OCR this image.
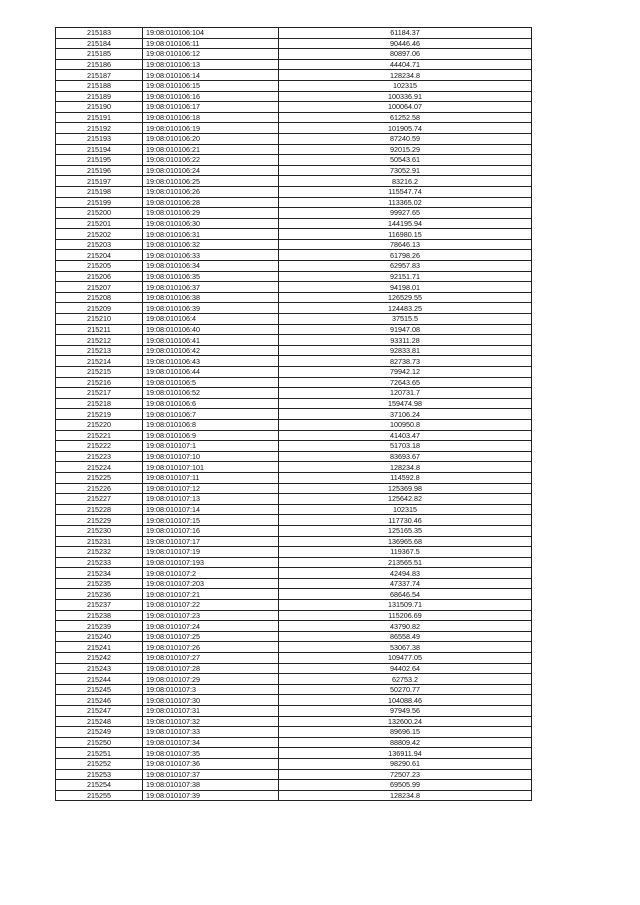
215183	19:08:010106:104	61184.37
215184	19:08:010106:11	90446.46
215185	19:08:010106:12	80897.06
215186	19:08:010106:13	44404.71
215187	19:08:010106:14	128234.8
215188	19:08:010106:15	102315
215189	19:08:010106:16	100336.91
215190	19:08:010106:17	100064.07
215191	19:08:010106:18	61252.58
215192	19:08:010106:19	101905.74
215193	19:08:010106:20	87240.59
215194	19:08:010106:21	92015.29
215195	19:08:010106:22	50543.61
215196	19:08:010106:24	73052.91
215197	19:08:010106:25	83216.2
215198	19:08:010106:26	115547.74
215199	19:08:010106:28	113365.02
215200	19:08:010106:29	99927.65
215201	19:08:010106:30	144195.94
215202	19:08:010106:31	116980.15
215203	19:08:010106:32	78646.13
215204	19:08:010106:33	61798.26
215205	19:08:010106:34	62957.83
215206	19:08:010106:35	92151.71
215207	19:08:010106:37	94198.01
215208	19:08:010106:38	126529.55
215209	19:08:010106:39	124483.25
215210	19:08:010106:4	37515.5
215211	19:08:010106:40	91947.08
215212	19:08:010106:41	93311.28
215213	19:08:010106:42	92833.81
215214	19:08:010106:43	82738.73
215215	19:08:010106:44	79942.12
215216	19:08:010106:5	72643.65
215217	19:08:010106:52	120731.7
215218	19:08:010106:6	159474.98
215219	19:08:010106:7	37106.24
215220	19:08:010106:8	100950.8
215221	19:08:010106:9	41403.47
215222	19:08:010107:1	51703.18
215223	19:08:010107:10	83693.67
215224	19:08:010107:101	128234.8
215225	19:08:010107:11	114592.8
215226	19:08:010107:12	125369.98
215227	19:08:010107:13	125642.82
215228	19:08:010107:14	102315
215229	19:08:010107:15	117730.46
215230	19:08:010107:16	125165.35
215231	19:08:010107:17	136965.68
215232	19:08:010107:19	119367.5
215233	19:08:010107:193	213565.51
215234	19:08:010107:2	42494.83
215235	19:08:010107:203	47337.74
215236	19:08:010107:21	68646.54
215237	19:08:010107:22	131509.71
215238	19:08:010107:23	115206.69
215239	19:08:010107:24	43790.82
215240	19:08:010107:25	86558.49
215241	19:08:010107:26	53067.38
215242	19:08:010107:27	109477.05
215243	19:08:010107:28	94402.64
215244	19:08:010107:29	62753.2
215245	19:08:010107:3	50270.77
215246	19:08:010107:30	104088.46
215247	19:08:010107:31	97949.56
215248	19:08:010107:32	132600.24
215249	19:08:010107:33	89696.15
215250	19:08:010107:34	88809.42
215251	19:08:010107:35	136911.94
215252	19:08:010107:36	98290.61
215253	19:08:010107:37	72507.23
215254	19:08:010107:38	69505.99
215255	19:08:010107:39	128234.8
